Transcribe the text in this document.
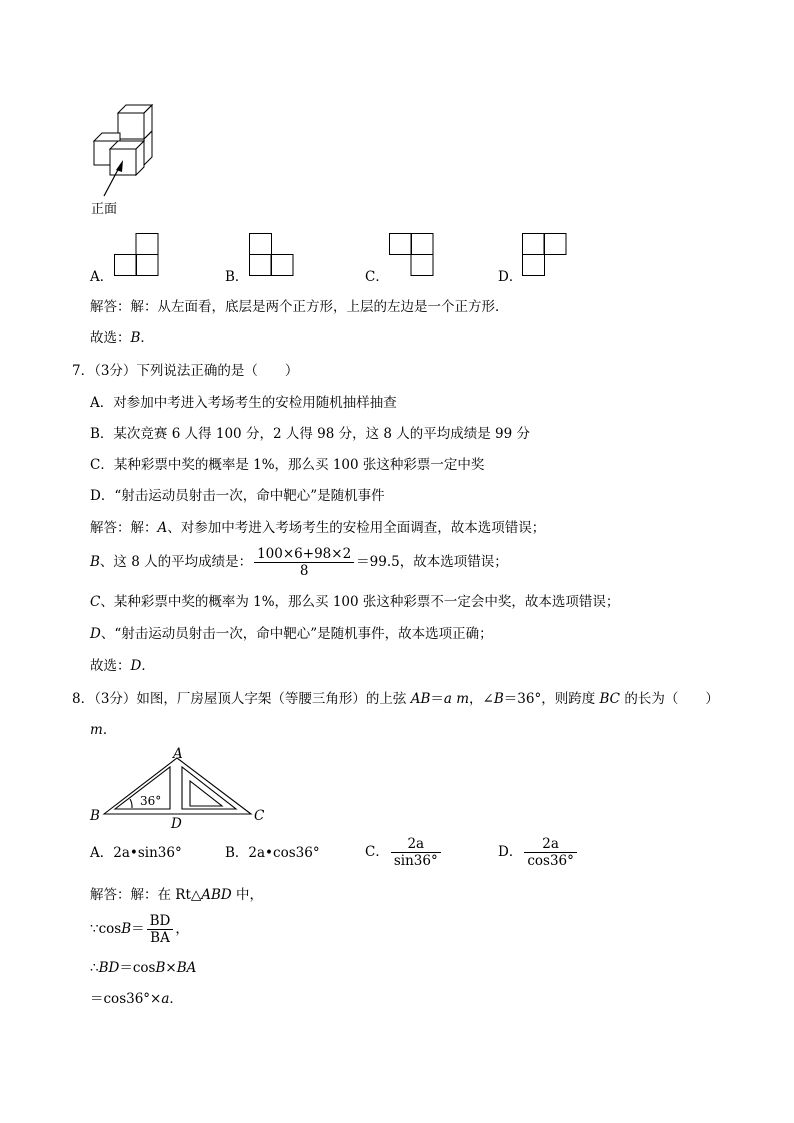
正面
A．	B．	C．	D．
解答：解：从左面看，底层是两个正方形，上层的左边是一个正方形．
故选：B．
7．（3分）下列说法正确的是（　　）
A．对参加中考进入考场考生的安检用随机抽样抽查
B．某次竞赛 6 人得 100 分，2 人得 98 分，这 8 人的平均成绩是 99 分
C．某种彩票中奖的概率是 1%，那么买 100 张这种彩票一定中奖
D．“射击运动员射击一次，命中靶心”是随机事件
解答：解：A、对参加中考进入考场考生的安检用全面调查，故本选项错误；
B、这 8 人的平均成绩是： $\frac{100\times 6+98\times 2}{8} =99.5$，故本选项错误；
C、某种彩票中奖的概率为 1%，那么买 100 张这种彩票不一定会中奖，故本选项错误；
D、“射击运动员射击一次，命中靶心”是随机事件，故本选项正确；
故选：D．
8．（3分）如图，厂房屋顶人字架（等腰三角形）的上弦 AB＝a m，∠B＝36°，则跨度 BC 的长为（　　）
m．
A
B	C
D
36°
A．2a•sin36°	B．2a•cos36°	C． $\frac{2a}{\sin 36^\circ}$	D． $\frac{2a}{\cos 36^\circ}$
解答：解：在 Rt△ABD 中，
∵cosB＝ $\frac{BD}{BA}$ ，
∴BD＝cosB×BA
＝cos36°×a．
